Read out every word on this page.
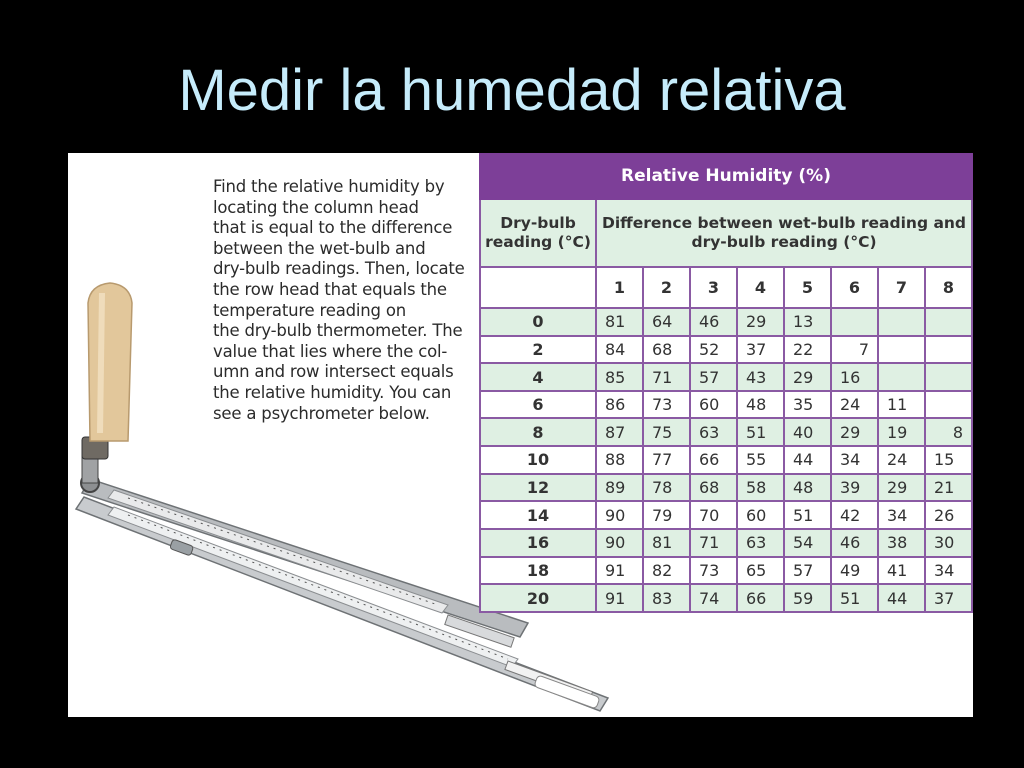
Medir la humedad relativa
Find the relative humidity by
locating the column head
that is equal to the difference
between the wet-bulb and
dry-bulb readings. Then, locate
the row head that equals the
temperature reading on
the dry-bulb thermometer. The
value that lies where the col-
umn and row intersect equals
the relative humidity. You can
see a psychrometer below.
Relative Humidity (%)								
Dry-bulb reading (°C)	Difference between wet-bulb reading and dry-bulb reading (°C)							
	1	2	3	4	5	6	7	8
0	81	64	46	29	13			
2	84	68	52	37	22	7		
4	85	71	57	43	29	16		
6	86	73	60	48	35	24	11	
8	87	75	63	51	40	29	19	8
10	88	77	66	55	44	34	24	15
12	89	78	68	58	48	39	29	21
14	90	79	70	60	51	42	34	26
16	90	81	71	63	54	46	38	30
18	91	82	73	65	57	49	41	34
20	91	83	74	66	59	51	44	37
